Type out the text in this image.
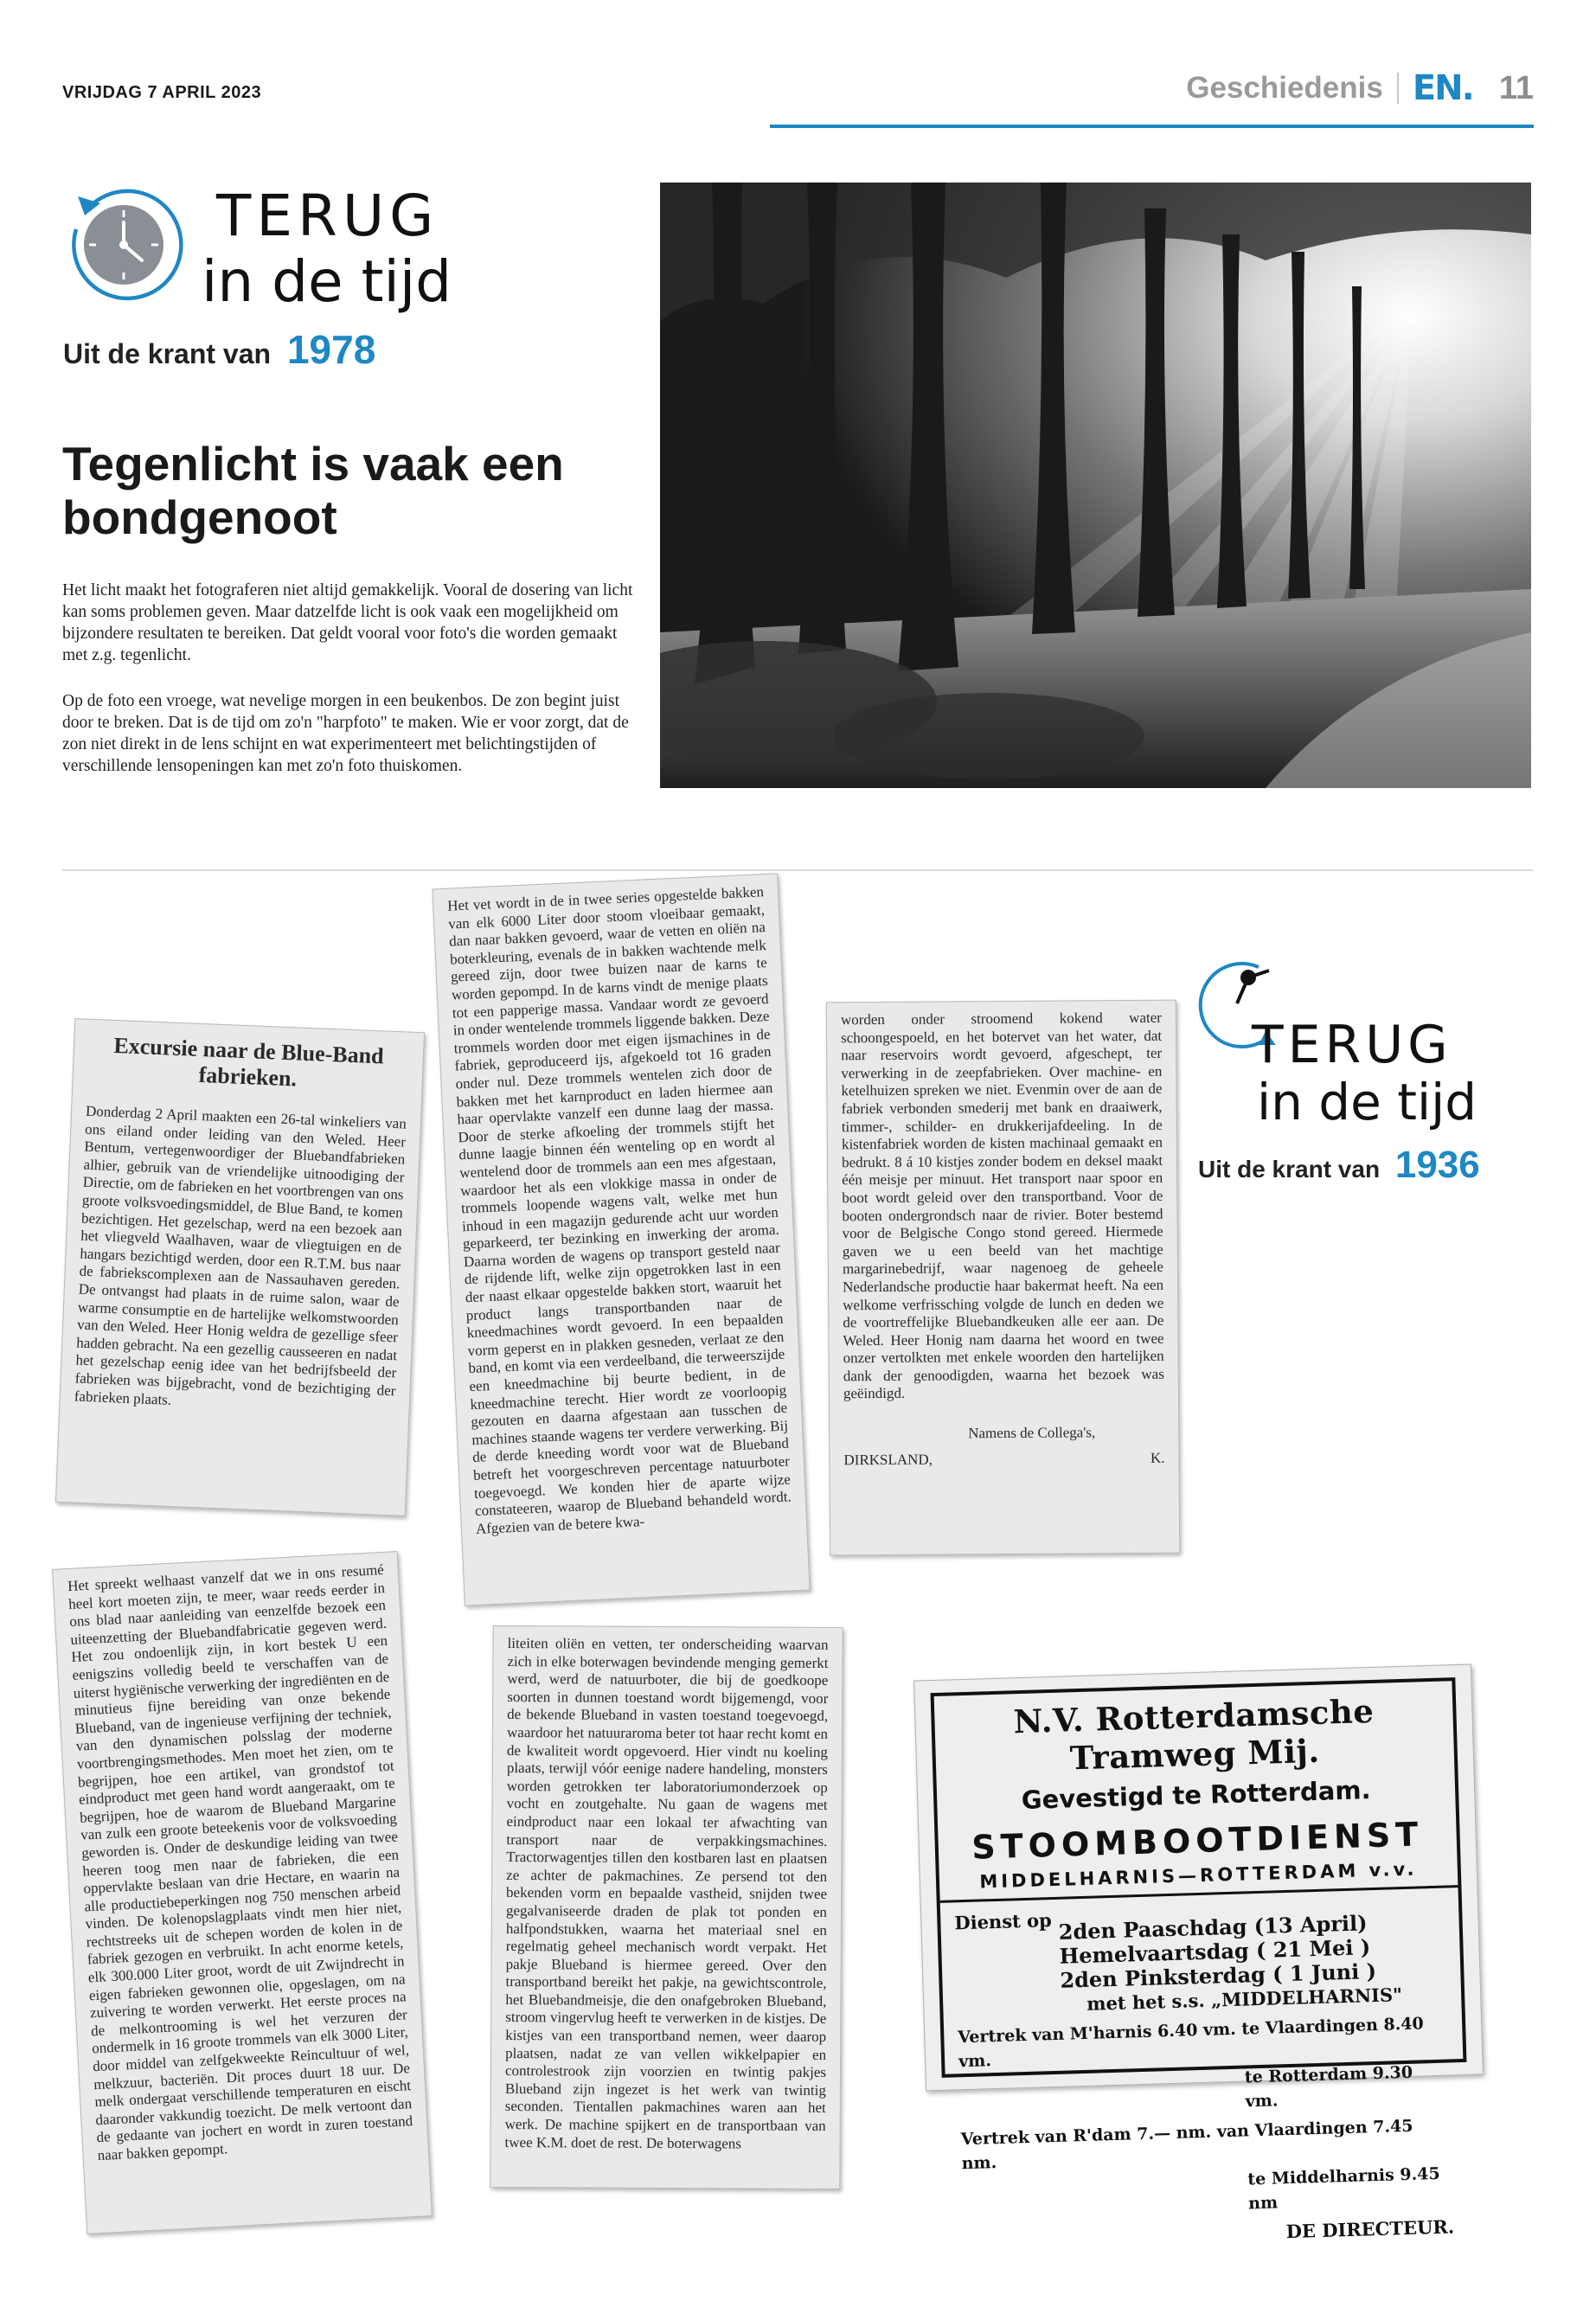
VRIJDAG 7 APRIL 2023	Geschiedenis EN. 11
TERUG
in de tijd
Uit de krant van 1978
Tegenlicht is vaak een bondgenoot

Het licht maakt het fotograferen niet altijd gemakkelijk. Vooral de dosering van licht kan soms problemen geven. Maar datzelfde licht is ook vaak een mogelijkheid om bijzondere resultaten te bereiken. Dat geldt vooral voor foto's die worden gemaakt met z.g. tegenlicht.

Op de foto een vroege, wat nevelige morgen in een beukenbos. De zon begint juist door te breken. Dat is de tijd om zo'n "harpfoto" te maken. Wie er voor zorgt, dat de zon niet direkt in de lens schijnt en wat experimenteert met belichtingstijden of verschillende lensopeningen kan met zo'n foto thuiskomen.

Excursie naar de Blue-Band fabrieken.
Donderdag 2 April maakten een 26-tal winkeliers van ons eiland onder leiding van den Weled. Heer Bentum, vertegenwoordiger der Bluebandfabrieken alhier, gebruik van de vriendelijke uitnoodiging der Directie, om de fabrieken en het voortbrengen van ons groote volksvoedingsmiddel, de Blue Band, te komen bezichtigen. Het gezelschap, werd na een bezoek aan het vliegveld Waalhaven, waar de vliegtuigen en de hangars bezichtigd werden, door een R.T.M. bus naar de fabriekscomplexen aan de Nassauhaven gereden. De ontvangst had plaats in de ruime salon, waar de warme consumptie en de hartelijke welkomstwoorden van den Weled. Heer Honig weldra de gezellige sfeer hadden gebracht. Na een gezellig causseeren en nadat het gezelschap eenig idee van het bedrijfsbeeld der fabrieken was bijgebracht, vond de bezichtiging der fabrieken plaats.
Het vet wordt in de in twee series opgestelde bakken van elk 6000 Liter door stoom vloeibaar gemaakt, dan naar bakken gevoerd, waar de vetten en oliën na boterkleuring, evenals de in bakken wachtende melk gereed zijn, door twee buizen naar de karns te worden gepompd. In de karns vindt de menige plaats tot een papperige massa. Vandaar wordt ze gevoerd in onder wentelende trommels liggende bakken. Deze trommels worden door met eigen ijsmachines in de fabriek, geproduceerd ijs, afgekoeld tot 16 graden onder nul. Deze trommels wentelen zich door de bakken met het karnproduct en laden hiermee aan haar opervlakte vanzelf een dunne laag der massa. Door de sterke afkoeling der trommels stijft het dunne laagje binnen één wenteling op en wordt al wentelend door de trommels aan een mes afgestaan, waardoor het als een vlokkige massa in onder de trommels loopende wagens valt, welke met hun inhoud in een magazijn gedurende acht uur worden geparkeerd, ter bezinking en inwerking der aroma. Daarna worden de wagens op transport gesteld naar de rijdende lift, welke zijn opgetrokken last in een der naast elkaar opgestelde bakken stort, waaruit het product langs transportbanden naar de kneedmachines wordt gevoerd. In een bepaalden vorm geperst en in plakken gesneden, verlaat ze den band, en komt via een verdeelband, die terweerszijde een kneedmachine bij beurte bedient, in de kneedmachine terecht. Hier wordt ze voorloopig gezouten en daarna afgestaan aan tusschen de machines staande wagens ter verdere verwerking. Bij de derde kneeding wordt voor wat de Blueband betreft het voorgeschreven percentage natuurboter toegevoegd. We konden hier de aparte wijze constateeren, waarop de Blueband behandeld wordt. Afgezien van de betere kwa-
worden onder stroomend kokend water schoongespoeld, en het botervet van het water, dat naar reservoirs wordt gevoerd, afgeschept, ter verwerking in de zeepfabrieken. Over machine- en ketelhuizen spreken we niet. Evenmin over de aan de fabriek verbonden smederij met bank en draaiwerk, timmer-, schilder- en drukkerijafdeeling. In de kistenfabriek worden de kisten machinaal gemaakt en bedrukt. 8 á 10 kistjes zonder bodem en deksel maakt één meisje per minuut. Het transport naar spoor en boot wordt geleid over den transportband. Voor de booten ondergrondsch naar de rivier. Boter bestemd voor de Belgische Congo stond gereed. Hiermede gaven we u een beeld van het machtige margarinebedrijf, waar nagenoeg de geheele Nederlandsche productie haar bakermat heeft. Na een welkome verfrissching volgde de lunch en deden we de voortreffelijke Bluebandkeuken alle eer aan. De Weled. Heer Honig nam daarna het woord en twee onzer vertolkten met enkele woorden den hartelijken dank der genoodigden, waarna het bezoek was geëindigd.
Namens de Collega's,
DIRKSLAND,	K.
Het spreekt welhaast vanzelf dat we in ons resumé heel kort moeten zijn, te meer, waar reeds eerder in ons blad naar aanleiding van eenzelfde bezoek een uiteenzetting der Bluebandfabricatie gegeven werd. Het zou ondoenlijk zijn, in kort bestek U een eenigszins volledig beeld te verschaffen van de uiterst hygiënische verwerking der ingrediënten en de minutieus fijne bereiding van onze bekende Blueband, van de ingenieuse verfijning der techniek, van den dynamischen polsslag der moderne voortbrengingsmethodes. Men moet het zien, om te begrijpen, hoe een artikel, van grondstof tot eindproduct met geen hand wordt aangeraakt, om te begrijpen, hoe de waarom de Blueband Margarine van zulk een groote beteekenis voor de volksvoeding geworden is. Onder de deskundige leiding van twee heeren toog men naar de fabrieken, die een oppervlakte beslaan van drie Hectare, en waarin na alle productiebeperkingen nog 750 menschen arbeid vinden. De kolenopslagplaats vindt men hier niet, rechtstreeks uit de schepen worden de kolen in de fabriek gezogen en verbruikt. In acht enorme ketels, elk 300.000 Liter groot, wordt de uit Zwijndrecht in eigen fabrieken gewonnen olie, opgeslagen, om na zuivering te worden verwerkt. Het eerste proces na de melkontrooming is wel het verzuren der ondermelk in 16 groote trommels van elk 3000 Liter, door middel van zelfgekweekte Reincultuur of wel, melkzuur, bacteriën. Dit proces duurt 18 uur. De melk ondergaat verschillende temperaturen en eischt daaronder vakkundig toezicht. De melk vertoont dan de gedaante van jochert en wordt in zuren toestand naar bakken gepompt.
liteiten oliën en vetten, ter onderscheiding waarvan zich in elke boterwagen bevindende menging gemerkt werd, werd de natuurboter, die bij de goedkoope soorten in dunnen toestand wordt bijgemengd, voor de bekende Blueband in vasten toestand toegevoegd, waardoor het natuuraroma beter tot haar recht komt en de kwaliteit wordt opgevoerd. Hier vindt nu koeling plaats, terwijl vóór eenige nadere handeling, monsters worden getrokken ter laboratoriumonderzoek op vocht en zoutgehalte. Nu gaan de wagens met eindproduct naar een lokaal ter afwachting van transport naar de verpakkingsmachines. Tractorwagentjes tillen den kostbaren last en plaatsen ze achter de pakmachines. Ze persend tot den bekenden vorm en bepaalde vastheid, snijden twee gegalvaniseerde draden de plak tot ponden en halfpondstukken, waarna het materiaal snel en regelmatig geheel mechanisch wordt verpakt. Het pakje Blueband is hiermee gereed. Over den transportband bereikt het pakje, na gewichtscontrole, het Bluebandmeisje, die den onafgebroken Blueband, stroom vingervlug heeft te verwerken in de kistjes. De kistjes van een transportband nemen, weer daarop plaatsen, nadat ze van vellen wikkelpapier en controlestrook zijn voorzien en twintig pakjes Blueband zijn ingezet is het werk van twintig seconden. Tientallen pakmachines waren aan het werk. De machine spijkert en de transportbaan van twee K.M. doet de rest. De boterwagens
TERUG
in de tijd
Uit de krant van 1936
N.V. Rotterdamsche Tramweg Mij.
Gevestigd te Rotterdam.
STOOMBOOTDIENST
MIDDELHARNIS—ROTTERDAM v.v.
Dienst op 2den Paaschdag (13 April)
Hemelvaartsdag ( 21 Mei )
2den Pinksterdag ( 1 Juni )
met het s.s. „MIDDELHARNIS"
Vertrek van M'harnis 6.40 vm. te Vlaardingen 8.40 vm.
te Rotterdam 9.30 vm.
Vertrek van R'dam 7.— nm. van Vlaardingen 7.45 nm.
te Middelharnis 9.45 nm
DE DIRECTEUR.
